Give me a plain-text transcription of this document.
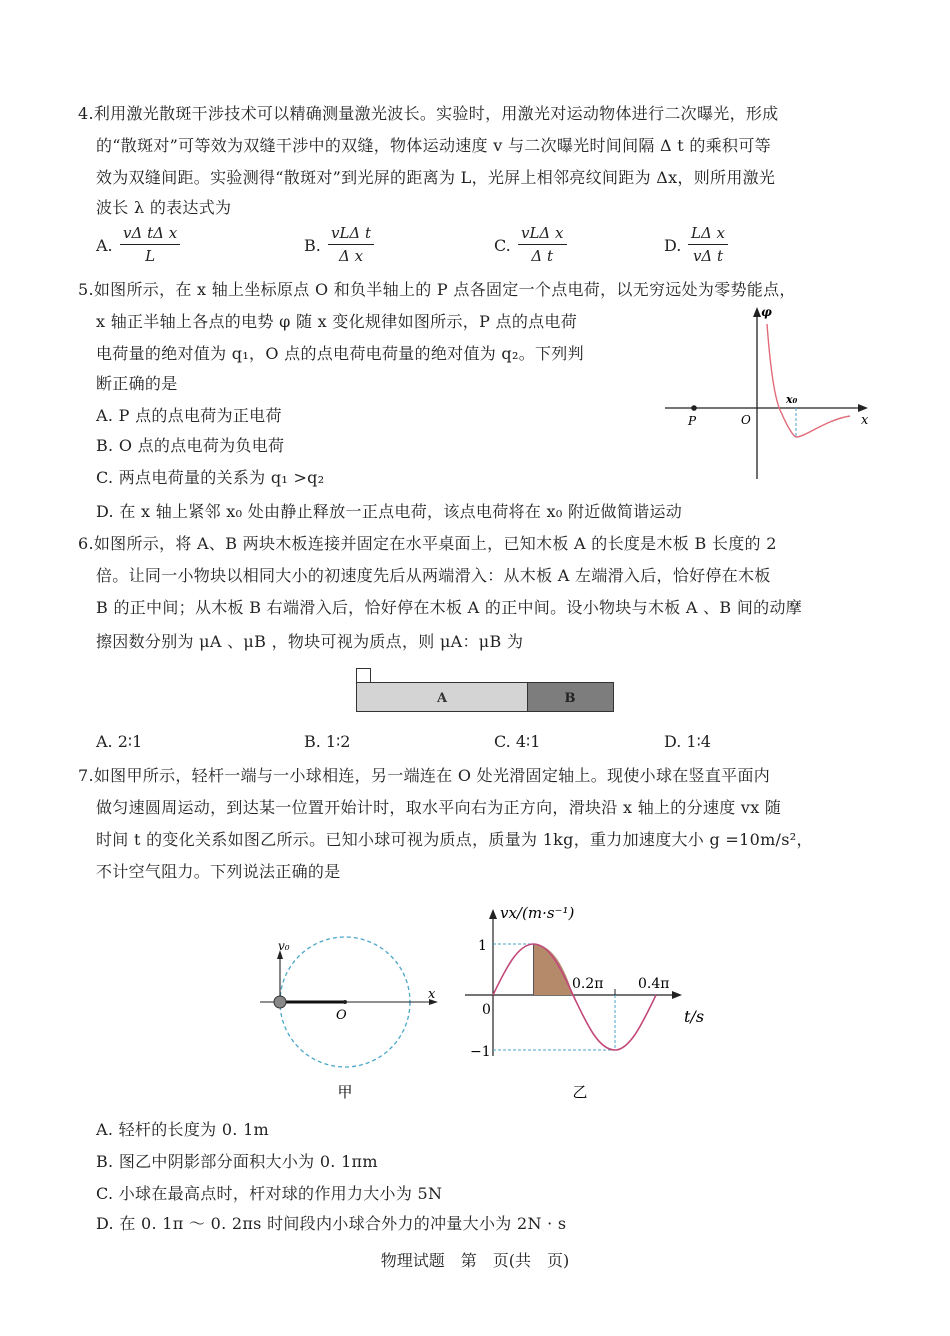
4.利用激光散斑干涉技术可以精确测量激光波长。实验时，用激光对运动物体进行二次曝光，形成
的“散斑对”可等效为双缝干涉中的双缝，物体运动速度 v 与二次曝光时间间隔 Δ t 的乘积可等
效为双缝间距。实验测得“散斑对”到光屏的距离为 L，光屏上相邻亮纹间距为 Δx，则所用激光
波长 λ 的表达式为
A. $\frac{\text{vΔ tΔ x}}{L}$	B.
vLΔ t
Δ x
C.
vLΔ x
Δ t
D. $\frac{\text{LΔ x}}{\text{vΔ t}}$
5.如图所示，在 x 轴上坐标原点 O 和负半轴上的 P 点各固定一个点电荷，以无穷远处为零势能点，
x 轴正半轴上各点的电势 φ 随 x 变化规律如图所示，P 点的点电荷
电荷量的绝对值为 q₁，O 点的点电荷电荷量的绝对值为 q₂。下列判
断正确的是
A. P 点的点电荷为正电荷
B. O 点的点电荷为负电荷
C. 两点电荷量的关系为 q₁ >q₂
D. 在 x 轴上紧邻 x₀ 处由静止释放一正点电荷，该点电荷将在 x₀ 附近做简谐运动
φ
x
x₀
P	O
6.如图所示，将 A、B 两块木板连接并固定在水平桌面上，已知木板 A 的长度是木板 B 长度的 2
倍。让同一小物块以相同大小的初速度先后从两端滑入：从木板 A 左端滑入后，恰好停在木板
B 的正中间；从木板 B 右端滑入后，恰好停在木板 A 的正中间。设小物块与木板 A 、B 间的动摩
擦因数分别为 μA 、μB ，物块可视为质点，则 μA：μB 为
A	B
A. 2∶1	B. 1∶2	C. 4∶1	D. 1∶4
7.如图甲所示，轻杆一端与一小球相连，另一端连在 O 处光滑固定轴上。现使小球在竖直平面内
做匀速圆周运动，到达某一位置开始计时，取水平向右为正方向，滑块沿 x 轴上的分速度 vx 随
时间 t 的变化关系如图乙所示。已知小球可视为质点，质量为 1kg，重力加速度大小 g =10m/s²，
不计空气阻力。下列说法正确的是
v₀
O
x
甲
vx/(m·s⁻¹)
1
−1
0
0.2π 0.4π
t/s
乙
A. 轻杆的长度为 0. 1m
B. 图乙中阴影部分面积大小为 0. 1πm
C. 小球在最高点时，杆对球的作用力大小为 5N
D. 在 0. 1π ～ 0. 2πs 时间段内小球合外力的冲量大小为 2N · s
物理试题　第　页(共　页)
